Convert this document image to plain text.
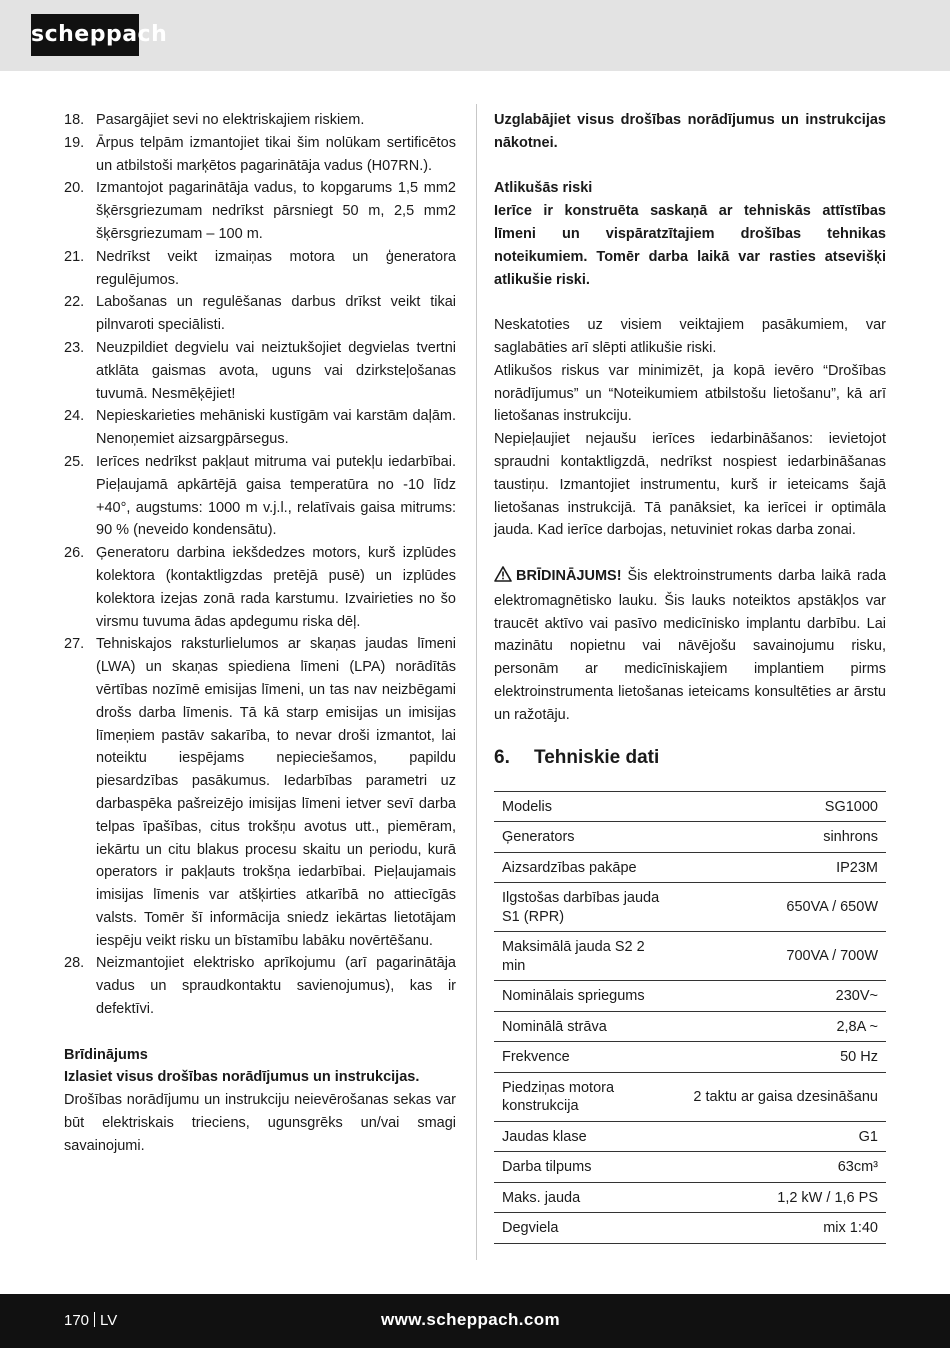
scheppach
18. Pasargājiet sevi no elektriskajiem riskiem.
19. Ārpus telpām izmantojiet tikai šim nolūkam sertificētos un atbilstoši marķētos pagarinātāja vadus (H07RN.).
20. Izmantojot pagarinātāja vadus, to kopgarums 1,5 mm2 šķērsgriezumam nedrīkst pārsniegt 50 m, 2,5 mm2 šķērsgriezumam – 100 m.
21. Nedrīkst veikt izmaiņas motora un ģeneratora regulējumos.
22. Labošanas un regulēšanas darbus drīkst veikt tikai pilnvaroti speciālisti.
23. Neuzpildiet degvielu vai neiztukšojiet degvielas tvertni atklāta gaismas avota, uguns vai dzirksteļošanas tuvumā. Nesmēķējiet!
24. Nepieskarieties mehāniski kustīgām vai karstām daļām. Nenoņemiet aizsargpārsegus.
25. Ierīces nedrīkst pakļaut mitruma vai putekļu iedarbībai. Pieļaujamā apkārtējā gaisa temperatūra no -10 līdz +40°, augstums: 1000 m v.j.l., relatīvais gaisa mitrums: 90 % (neveido kondensātu).
26. Ģeneratoru darbina iekšdedzes motors, kurš izplūdes kolektora (kontaktligzdas pretējā pusē) un izplūdes kolektora izejas zonā rada karstumu. Izvairieties no šo virsmu tuvuma ādas apdegumu riska dēļ.
27. Tehniskajos raksturlielumos ar skaņas jaudas līmeni (LWA) un skaņas spiediena līmeni (LPA) norādītās vērtības nozīmē emisijas līmeni, un tas nav neizbēgami drošs darba līmenis. Tā kā starp emisijas un imisijas līmeņiem pastāv sakarība, to nevar droši izmantot, lai noteiktu iespējams nepieciešamos, papildu piesardzības pasākumus. Iedarbības parametri uz darbaspēka pašreizējo imisijas līmeni ietver sevī darba telpas īpašības, citus trokšņu avotus utt., piemēram, iekārtu un citu blakus procesu skaitu un periodu, kurā operators ir pakļauts trokšņa iedarbībai. Pieļaujamais imisijas līmenis var atšķirties atkarībā no attiecīgās valsts. Tomēr šī informācija sniedz iekārtas lietotājam iespēju veikt risku un bīstamību labāku novērtēšanu.
28. Neizmantojiet elektrisko aprīkojumu (arī pagarinātāja vadus un spraudkontaktu savienojumus), kas ir defektīvi.
Brīdinājums
Izlasiet visus drošības norādījumus un instrukcijas.
Drošības norādījumu un instrukciju neievērošanas sekas var būt elektriskais trieciens, ugunsgrēks un/vai smagi savainojumi.
Uzglabājiet visus drošības norādījumus un instrukcijas nākotnei.
Atlikušās riski
Ierīce ir konstruēta saskaņā ar tehniskās attīstības līmeni un vispāratzītajiem drošības tehnikas noteikumiem. Tomēr darba laikā var rasties atsevišķi atlikušie riski.
Neskatoties uz visiem veiktajiem pasākumiem, var saglabāties arī slēpti atlikušie riski.
Atlikušos riskus var minimizēt, ja kopā ievēro “Drošības norādījumus” un “Noteikumiem atbilstošu lietošanu”, kā arī lietošanas instrukciju.
Nepieļaujiet nejaušu ierīces iedarbināšanos: ievietojot spraudni kontaktligzdā, nedrīkst nospiest iedarbināšanas taustiņu. Izmantojiet instrumentu, kurš ir ieteicams šajā lietošanas instrukcijā. Tā panāksiet, ka ierīcei ir optimāla jauda. Kad ierīce darbojas, netuviniet rokas darba zonai.
BRĪDINĀJUMS! Šis elektroinstruments darba laikā rada elektromagnētisko lauku. Šis lauks noteiktos apstākļos var traucēt aktīvo vai pasīvo medicīnisko implantu darbību. Lai mazinātu nopietnu vai nāvējošu savainojumu risku, personām ar medicīniskajiem implantiem pirms elektroinstrumenta lietošanas ieteicams konsultēties ar ārstu un ražotāju.
6. Tehniskie dati
Modelis	SG1000
Ģenerators	sinhrons
Aizsardzības pakāpe	IP23M
Ilgstošas darbības jauda S1 (RPR)	650VA / 650W
Maksimālā jauda S2 2 min	700VA / 700W
Nominālais spriegums	230V~
Nominālā strāva	2,8A ~
Frekvence	50 Hz
Piedziņas motora konstrukcija	2 taktu ar gaisa dzesināšanu
Jaudas klase	G1
Darba tilpums	63cm³
Maks. jauda	1,2 kW / 1,6 PS
Degviela	mix 1:40
170 LV	www.scheppach.com
